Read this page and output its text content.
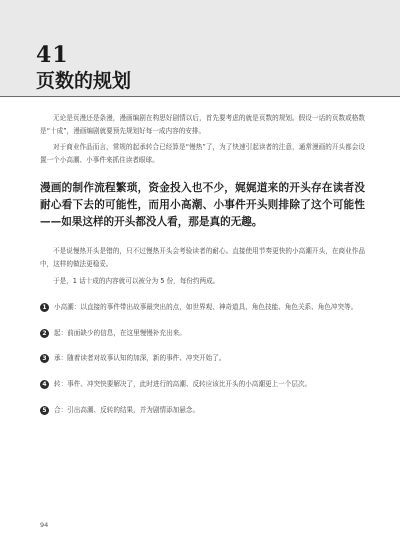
41
页数的规划

无论是页漫还是条漫，漫画编剧在构思好剧情以后，首先要考虑的就是页数的规划。假设一话的页数或格数是“十成”，漫画编剧就要预先规划好每一成内容的安排。

对于商业作品而言，常规的起承转合已经算是“慢热”了，为了快速引起读者的注意，通常漫画的开头都会设置一个小高潮、小事件来抓住读者眼球。

漫画的制作流程繁琐，资金投入也不少，娓娓道来的开头存在读者没耐心看下去的可能性，而用小高潮、小事件开头则排除了这个可能性——如果这样的开头都没人看，那是真的无趣。

不是说慢热开头是错的，只不过慢热开头会考验读者的耐心。直接使用节奏更快的小高潮开头，在商业作品中，这样的做法更稳妥。

于是，1 话十成的内容就可以被分为 5 份，每份约两成。

1	小高潮：以直接的事件带出故事最突出的点，如世界观、神奇道具、角色技能、角色关系、角色冲突等。
2	起：前面缺少的信息，在这里慢慢补充出来。
3	承：随着读者对故事认知的加深，新的事件、冲突开始了。
4	转：事件、冲突快要解决了，此时进行的高潮、反转应该比开头的小高潮更上一个层次。
5	合：引出高潮、反转的结果，并为剧情添加悬念。
94
